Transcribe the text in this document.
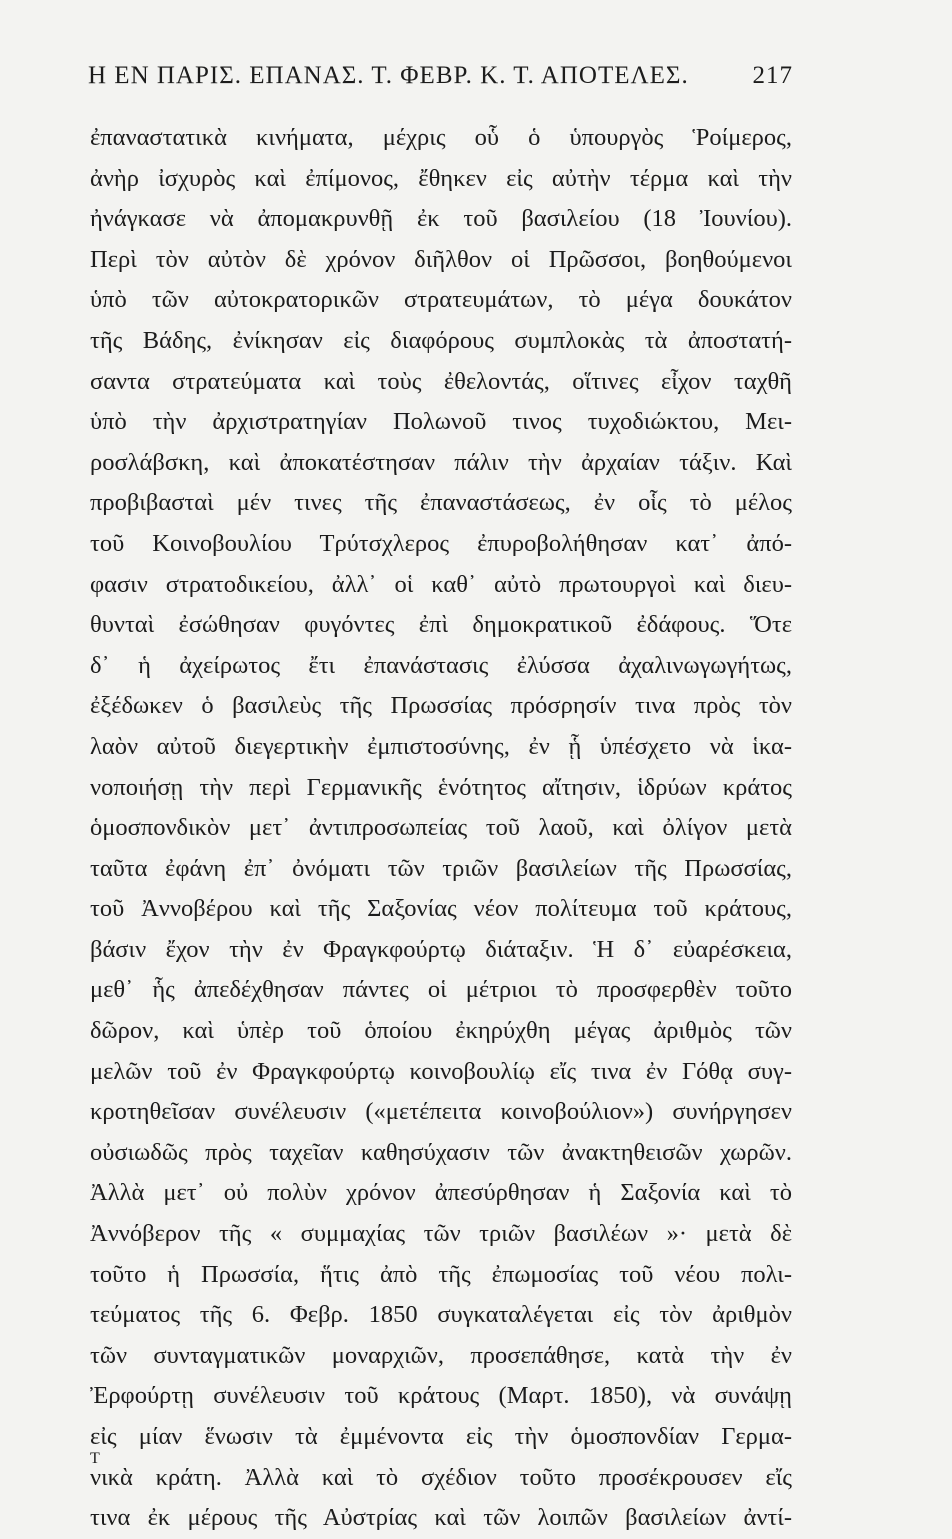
Η ΕΝ ΠΑΡΙΣ. ΕΠΑΝΑΣ. Τ. ΦΕΒΡ. Κ. Τ. ΑΠΟΤΕΛΕΣ.	217
ἐπαναστατικὰ κινήματα, μέχρις οὗ ὁ ὑπουργὸς Ῥοίμερος,
ἀνὴρ ἰσχυρὸς καὶ ἐπίμονος, ἔθηκεν εἰς αὐτὴν τέρμα καὶ τὴν
ἠνάγκασε νὰ ἀπομακρυνθῇ ἐκ τοῦ βασιλείου (18 Ἰουνίου).
Περὶ τὸν αὐτὸν δὲ χρόνον διῆλθον οἱ Πρῶσσοι, βοηθούμενοι
ὑπὸ τῶν αὐτοκρατορικῶν στρατευμάτων, τὸ μέγα δουκάτον
τῆς Βάδης, ἐνίκησαν εἰς διαφόρους συμπλοκὰς τὰ ἀποστατή-
σαντα στρατεύματα καὶ τοὺς ἐθελοντάς, οἵτινες εἶχον ταχθῆ
ὑπὸ τὴν ἀρχιστρατηγίαν Πολωνοῦ τινος τυχοδιώκτου, Μει-
ροσλάβσκη, καὶ ἀποκατέστησαν πάλιν τὴν ἀρχαίαν τάξιν. Καὶ
προβιβασταὶ μέν τινες τῆς ἐπαναστάσεως, ἐν οἷς τὸ μέλος
τοῦ Κοινοβουλίου Τρύτσχλερος ἐπυροβολήθησαν κατ᾽ ἀπό-
φασιν στρατοδικείου, ἀλλ᾽ οἱ καθ᾽ αὐτὸ πρωτουργοὶ καὶ διευ-
θυνταὶ ἐσώθησαν φυγόντες ἐπὶ δημοκρατικοῦ ἐδάφους. Ὅτε
δ᾽ ἡ ἀχείρωτος ἔτι ἐπανάστασις ἐλύσσα ἀχαλινωγωγήτως,
ἐξέδωκεν ὁ βασιλεὺς τῆς Πρωσσίας πρόσρησίν τινα πρὸς τὸν
λαὸν αὐτοῦ διεγερτικὴν ἐμπιστοσύνης, ἐν ᾗ ὑπέσχετο νὰ ἱκα-
νοποιήσῃ τὴν περὶ Γερμανικῆς ἑνότητος αἴτησιν, ἱδρύων κράτος
ὁμοσπονδικὸν μετ᾽ ἀντιπροσωπείας τοῦ λαοῦ, καὶ ὀλίγον μετὰ
ταῦτα ἐφάνη ἐπ᾽ ὀνόματι τῶν τριῶν βασιλείων τῆς Πρωσσίας,
τοῦ Ἀννοβέρου καὶ τῆς Σαξονίας νέον πολίτευμα τοῦ κράτους,
βάσιν ἔχον τὴν ἐν Φραγκφούρτῳ διάταξιν. Ἡ δ᾽ εὐαρέσκεια,
μεθ᾽ ἧς ἀπεδέχθησαν πάντες οἱ μέτριοι τὸ προσφερθὲν τοῦτο
δῶρον, καὶ ὑπὲρ τοῦ ὁποίου ἐκηρύχθη μέγας ἀριθμὸς τῶν
μελῶν τοῦ ἐν Φραγκφούρτῳ κοινοβουλίῳ εἴς τινα ἐν Γόθᾳ συγ-
κροτηθεῖσαν συνέλευσιν («μετέπειτα κοινοβούλιον») συνήργησεν
οὐσιωδῶς πρὸς ταχεῖαν καθησύχασιν τῶν ἀνακτηθεισῶν χωρῶν.
Ἀλλὰ μετ᾽ οὐ πολὺν χρόνον ἀπεσύρθησαν ἡ Σαξονία καὶ τὸ
Ἀννόβερον τῆς « συμμαχίας τῶν τριῶν βασιλέων »· μετὰ δὲ
τοῦτο ἡ Πρωσσία, ἥτις ἀπὸ τῆς ἐπωμοσίας τοῦ νέου πολι-
τεύματος τῆς 6. Φεβρ. 1850 συγκαταλέγεται εἰς τὸν ἀριθμὸν
τῶν συνταγματικῶν μοναρχιῶν, προσεπάθησε, κατὰ τὴν ἐν
Ἐρφούρτῃ συνέλευσιν τοῦ κράτους (Μαρτ. 1850), νὰ συνάψῃ
εἰς μίαν ἕνωσιν τὰ ἐμμένοντα εἰς τὴν ὁμοσπονδίαν Γερμα-
νικὰ κράτη. Ἀλλὰ καὶ τὸ σχέδιον τοῦτο προσέκρουσεν εἴς
τινα ἐκ μέρους τῆς Αὐστρίας καὶ τῶν λοιπῶν βασιλείων ἀντί-
Τ
